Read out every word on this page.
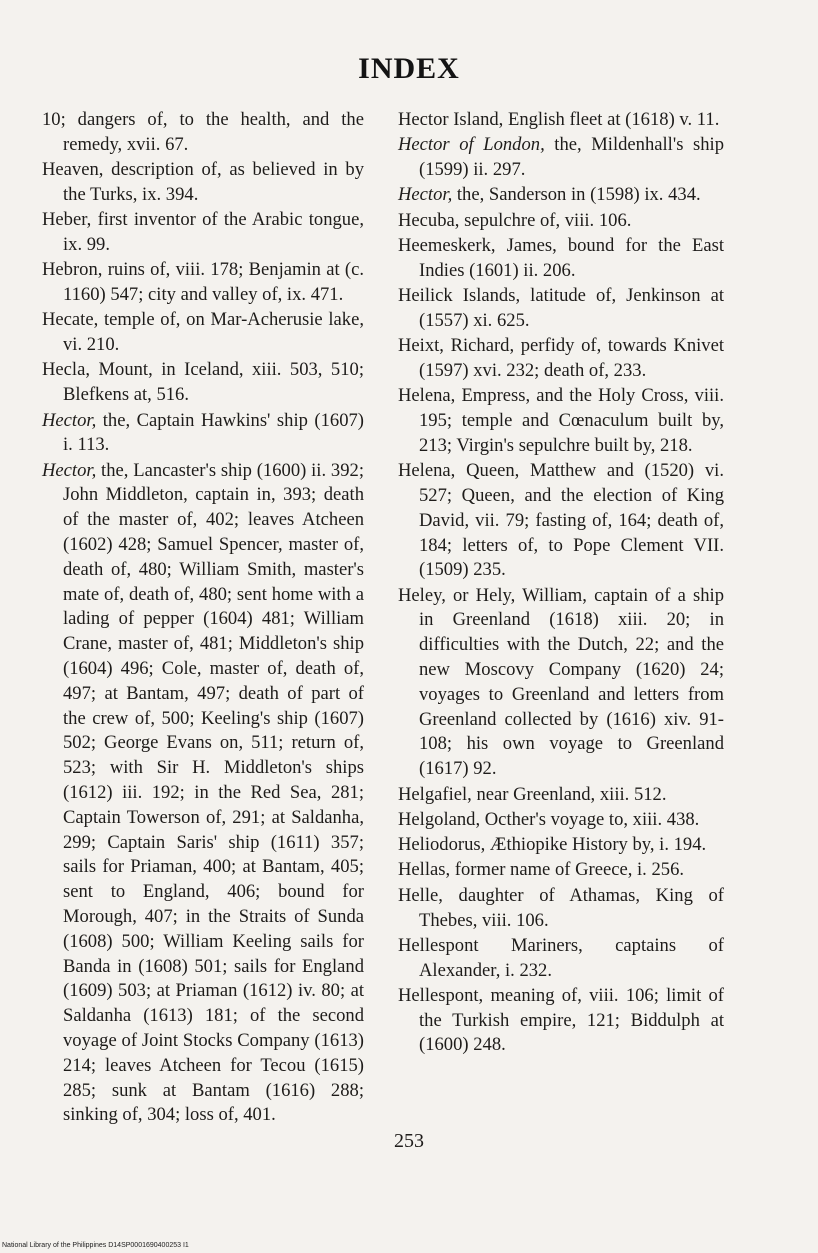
INDEX
10; dangers of, to the health, and the remedy, xvii. 67.
Heaven, description of, as believed in by the Turks, ix. 394.
Heber, first inventor of the Arabic tongue, ix. 99.
Hebron, ruins of, viii. 178; Benjamin at (c. 1160) 547; city and valley of, ix. 471.
Hecate, temple of, on Mar-Acherusie lake, vi. 210.
Hecla, Mount, in Iceland, xiii. 503, 510; Blefkens at, 516.
Hector, the, Captain Hawkins' ship (1607) i. 113.
Hector, the, Lancaster's ship (1600) ii. 392; John Middleton, captain in, 393; death of the master of, 402; leaves Atcheen (1602) 428; Samuel Spencer, master of, death of, 480; William Smith, master's mate of, death of, 480; sent home with a lading of pepper (1604) 481; William Crane, master of, 481; Middleton's ship (1604) 496; Cole, master of, death of, 497; at Bantam, 497; death of part of the crew of, 500; Keeling's ship (1607) 502; George Evans on, 511; return of, 523; with Sir H. Middleton's ships (1612) iii. 192; in the Red Sea, 281; Captain Towerson of, 291; at Saldanha, 299; Captain Saris' ship (1611) 357; sails for Priaman, 400; at Bantam, 405; sent to England, 406; bound for Morough, 407; in the Straits of Sunda (1608) 500; William Keeling sails for Banda in (1608) 501; sails for England (1609) 503; at Priaman (1612) iv. 80; at Saldanha (1613) 181; of the second voyage of Joint Stocks Company (1613) 214; leaves Atcheen for Tecou (1615) 285; sunk at Bantam (1616) 288; sinking of, 304; loss of, 401.
Hector Island, English fleet at (1618) v. 11.
Hector of London, the, Mildenhall's ship (1599) ii. 297.
Hector, the, Sanderson in (1598) ix. 434.
Hecuba, sepulchre of, viii. 106.
Heemeskerk, James, bound for the East Indies (1601) ii. 206.
Heilick Islands, latitude of, Jenkinson at (1557) xi. 625.
Heixt, Richard, perfidy of, towards Knivet (1597) xvi. 232; death of, 233.
Helena, Empress, and the Holy Cross, viii. 195; temple and Cœnaculum built by, 213; Virgin's sepulchre built by, 218.
Helena, Queen, Matthew and (1520) vi. 527; Queen, and the election of King David, vii. 79; fasting of, 164; death of, 184; letters of, to Pope Clement VII. (1509) 235.
Heley, or Hely, William, captain of a ship in Greenland (1618) xiii. 20; in difficulties with the Dutch, 22; and the new Moscovy Company (1620) 24; voyages to Greenland and letters from Greenland collected by (1616) xiv. 91-108; his own voyage to Greenland (1617) 92.
Helgafiel, near Greenland, xiii. 512.
Helgoland, Octher's voyage to, xiii. 438.
Heliodorus, Æthiopike History by, i. 194.
Hellas, former name of Greece, i. 256.
Helle, daughter of Athamas, King of Thebes, viii. 106.
Hellespont Mariners, captains of Alexander, i. 232.
Hellespont, meaning of, viii. 106; limit of the Turkish empire, 121; Biddulph at (1600) 248.
253
National Library of the Philippines D14SP0001690400253 I1
